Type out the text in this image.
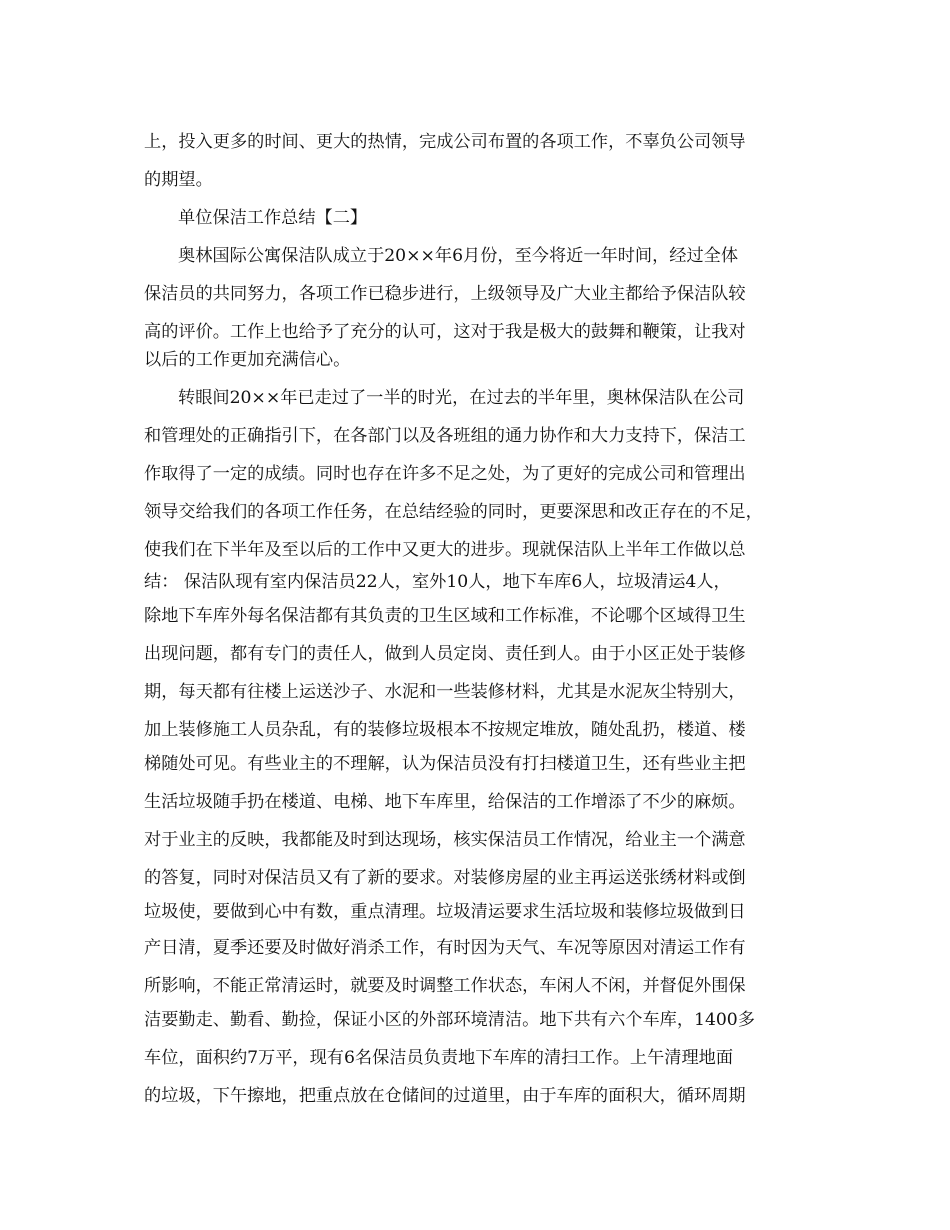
上，投入更多的时间、更大的热情，完成公司布置的各项工作，不辜负公司领导
的期望。
单位保洁工作总结【二】
奥林国际公寓保洁队成立于20××年6月份，至今将近一年时间，经过全体
保洁员的共同努力，各项工作已稳步进行，上级领导及广大业主都给予保洁队较
高的评价。工作上也给予了充分的认可，这对于我是极大的鼓舞和鞭策，让我对
以后的工作更加充满信心。
转眼间20××年已走过了一半的时光，在过去的半年里，奥林保洁队在公司
和管理处的正确指引下，在各部门以及各班组的通力协作和大力支持下，保洁工
作取得了一定的成绩。同时也存在许多不足之处，为了更好的完成公司和管理出
领导交给我们的各项工作任务，在总结经验的同时，更要深思和改正存在的不足，
使我们在下半年及至以后的工作中又更大的进步。现就保洁队上半年工作做以总
结： 保洁队现有室内保洁员22人，室外10人，地下车库6人，垃圾清运4人，
除地下车库外每名保洁都有其负责的卫生区域和工作标准，不论哪个区域得卫生
出现问题，都有专门的责任人，做到人员定岗、责任到人。由于小区正处于装修
期，每天都有往楼上运送沙子、水泥和一些装修材料，尤其是水泥灰尘特别大，
加上装修施工人员杂乱，有的装修垃圾根本不按规定堆放，随处乱扔，楼道、楼
梯随处可见。有些业主的不理解，认为保洁员没有打扫楼道卫生，还有些业主把
生活垃圾随手扔在楼道、电梯、地下车库里，给保洁的工作增添了不少的麻烦。
对于业主的反映，我都能及时到达现场，核实保洁员工作情况，给业主一个满意
的答复，同时对保洁员又有了新的要求。对装修房屋的业主再运送张绣材料或倒
垃圾使，要做到心中有数，重点清理。垃圾清运要求生活垃圾和装修垃圾做到日
产日清，夏季还要及时做好消杀工作，有时因为天气、车况等原因对清运工作有
所影响，不能正常清运时，就要及时调整工作状态，车闲人不闲，并督促外围保
洁要勤走、勤看、勤捡，保证小区的外部环境清洁。地下共有六个车库，1400多
车位，面积约7万平，现有6名保洁员负责地下车库的清扫工作。上午清理地面
的垃圾，下午擦地，把重点放在仓储间的过道里，由于车库的面积大，循环周期
